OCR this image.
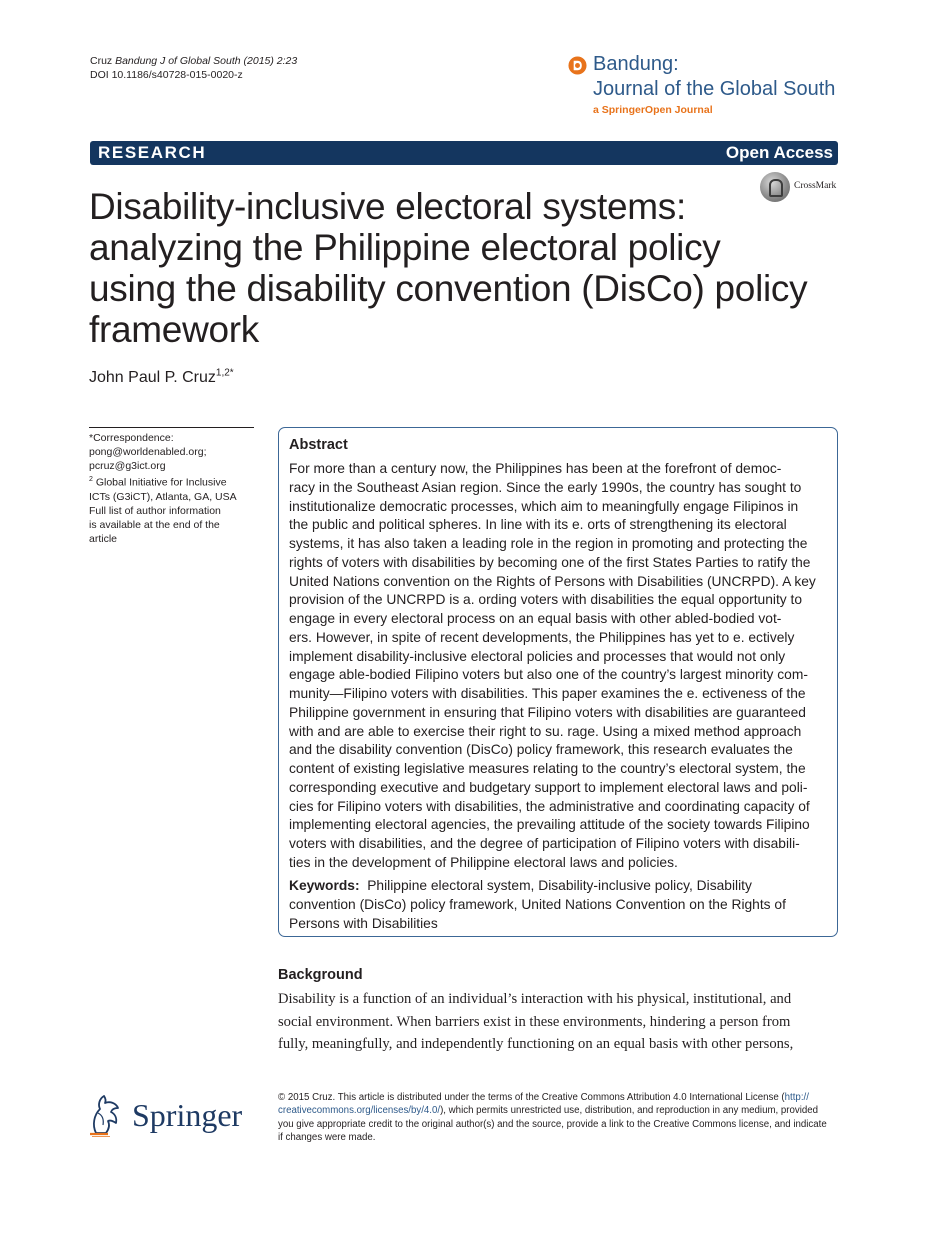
Cruz Bandung J of Global South (2015) 2:23
DOI 10.1186/s40728-015-0020-z	Bandung:
Journal of the Global South
a SpringerOpen Journal
RESEARCH	Open Access
CrossMark
Disability-inclusive electoral systems:
analyzing the Philippine electoral policy
using the disability convention (DisCo) policy
framework
John Paul P. Cruz$^{1,2*}$

*Correspondence:

pong@worldenabled.org;

pcruz@g3ict.org

$^2$ Global Initiative for Inclusive

ICTs (G3iCT), Atlanta, GA, USA

Full list of author information

is available at the end of the

article

Abstract

For more than a century now, the Philippines has been at the forefront of democ-

racy in the Southeast Asian region. Since the early 1990s, the country has sought to

institutionalize democratic processes, which aim to meaningfully engage Filipinos in

the public and political spheres. In line with its e. orts of strengthening its electoral

systems, it has also taken a leading role in the region in promoting and protecting the

rights of voters with disabilities by becoming one of the first States Parties to ratify the

United Nations convention on the Rights of Persons with Disabilities (UNCRPD). A key

provision of the UNCRPD is a. ording voters with disabilities the equal opportunity to

engage in every electoral process on an equal basis with other abled-bodied vot-

ers. However, in spite of recent developments, the Philippines has yet to e. ectively

implement disability-inclusive electoral policies and processes that would not only

engage able-bodied Filipino voters but also one of the country’s largest minority com-

munity—Filipino voters with disabilities. This paper examines the e. ectiveness of the

Philippine government in ensuring that Filipino voters with disabilities are guaranteed

with and are able to exercise their right to su. rage. Using a mixed method approach

and the disability convention (DisCo) policy framework, this research evaluates the

content of existing legislative measures relating to the country’s electoral system, the

corresponding executive and budgetary support to implement electoral laws and poli-

cies for Filipino voters with disabilities, the administrative and coordinating capacity of

implementing electoral agencies, the prevailing attitude of the society towards Filipino

voters with disabilities, and the degree of participation of Filipino voters with disabili-

ties in the development of Philippine electoral laws and policies.

Keywords: Philippine electoral system, Disability-inclusive policy, Disability
convention (DisCo) policy framework, United Nations Convention on the Rights of
Persons with Disabilities
Background

Disability is a function of an individual’s interaction with his physical, institutional, and

social environment. When barriers exist in these environments, hindering a person from

fully, meaningfully, and independently functioning on an equal basis with other persons,

Springer	© 2015 Cruz. This article is distributed under the terms of the Creative Commons Attribution 4.0 International License (http://
creativecommons.org/licenses/by/4.0/), which permits unrestricted use, distribution, and reproduction in any medium, provided
you give appropriate credit to the original author(s) and the source, provide a link to the Creative Commons license, and indicate
if changes were made.
